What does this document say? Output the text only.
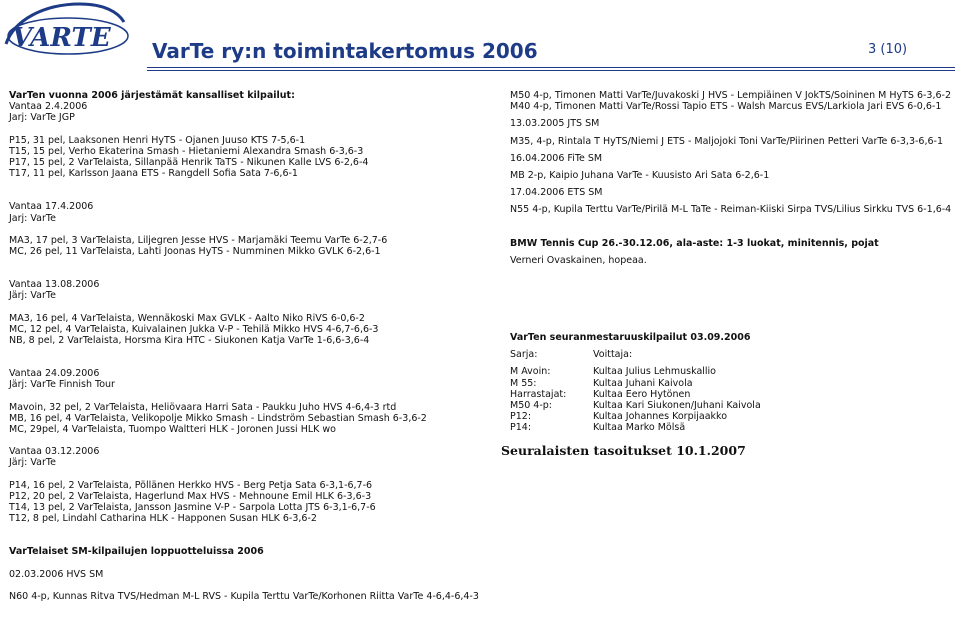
VARTE VarTe ry:n toimintakertomus 2006	3 (10)
VarTen vuonna 2006 järjestämät kansalliset kilpailut:
Vantaa 2.4.2006
Jarj: VarTe JGP
P15, 31 pel, Laaksonen Henri HyTS - Ojanen Juuso KTS 7-5,6-1
T15, 15 pel, Verho Ekaterina Smash - Hietaniemi Alexandra Smash 6-3,6-3
P17, 15 pel, 2 VarTelaista, Sillanpää Henrik TaTS - Nikunen Kalle LVS 6-2,6-4
T17, 11 pel, Karlsson Jaana ETS - Rangdell Sofia Sata 7-6,6-1
Vantaa 17.4.2006
Jarj: VarTe
MA3, 17 pel, 3 VarTelaista, Liljegren Jesse HVS - Marjamäki Teemu VarTe 6-2,7-6
MC, 26 pel, 11 VarTelaista, Lahti Joonas HyTS - Numminen Mikko GVLK 6-2,6-1
Vantaa 13.08.2006
Järj: VarTe
MA3, 16 pel, 4 VarTelaista, Wennäkoski Max GVLK - Aalto Niko RiVS 6-0,6-2
MC, 12 pel, 4 VarTelaista, Kuivalainen Jukka V-P - Tehilä Mikko HVS 4-6,7-6,6-3
NB, 8 pel, 2 VarTelaista, Horsma Kira HTC - Siukonen Katja VarTe 1-6,6-3,6-4
Vantaa 24.09.2006
Järj: VarTe Finnish Tour
Mavoin, 32 pel, 2 VarTelaista, Heliövaara Harri Sata - Paukku Juho HVS 4-6,4-3 rtd
MB, 16 pel, 4 VarTelaista, Velikopolje Mikko Smash - Lindström Sebastian Smash 6-3,6-2
MC, 29pel, 4 VarTelaista, Tuompo Waltteri HLK - Joronen Jussi HLK wo
Vantaa 03.12.2006
Järj: VarTe
P14, 16 pel, 2 VarTelaista, Pöllänen Herkko HVS - Berg Petja Sata 6-3,1-6,7-6
P12, 20 pel, 2 VarTelaista, Hagerlund Max HVS - Mehnoune Emil HLK 6-3,6-3
T14, 13 pel, 2 VarTelaista, Jansson Jasmine V-P - Sarpola Lotta JTS 6-3,1-6,7-6
T12, 8 pel, Lindahl Catharina HLK - Happonen Susan HLK 6-3,6-2
VarTelaiset SM-kilpailujen loppuotteluissa 2006
02.03.2006 HVS SM
N60 4-p, Kunnas Ritva TVS/Hedman M-L RVS - Kupila Terttu VarTe/Korhonen Riitta VarTe 4-6,4-6,4-3
M50 4-p, Timonen Matti VarTe/Juvakoski J HVS - Lempiäinen V JokTS/Soininen M HyTS 6-3,6-2
M40 4-p, Timonen Matti VarTe/Rossi Tapio ETS - Walsh Marcus EVS/Larkiola Jari EVS 6-0,6-1
13.03.2005 JTS SM
M35, 4-p, Rintala T HyTS/Niemi J ETS - Maljojoki Toni VarTe/Piirinen Petteri VarTe 6-3,3-6,6-1
16.04.2006 FiTe SM
MB 2-p, Kaipio Juhana VarTe - Kuusisto Ari Sata 6-2,6-1
17.04.2006 ETS SM
N55 4-p, Kupila Terttu VarTe/Pirilä M-L TaTe - Reiman-Kiiski Sirpa TVS/Lilius Sirkku TVS 6-1,6-4
BMW Tennis Cup 26.-30.12.06, ala-aste: 1-3 luokat, minitennis, pojat
Verneri Ovaskainen, hopeaa.
VarTen seuranmestaruuskilpailut 03.09.2006
Sarja:	Voittaja:
M Avoin:	Kultaa Julius Lehmuskallio
M 55:	Kultaa Juhani Kaivola
Harrastajat:	Kultaa Eero Hytönen
M50 4-p:	Kultaa Kari Siukonen/Juhani Kaivola
P12:	Kultaa Johannes Korpijaakko
P14:	Kultaa Marko Mölsä
Seuralaisten tasoitukset 10.1.2007
